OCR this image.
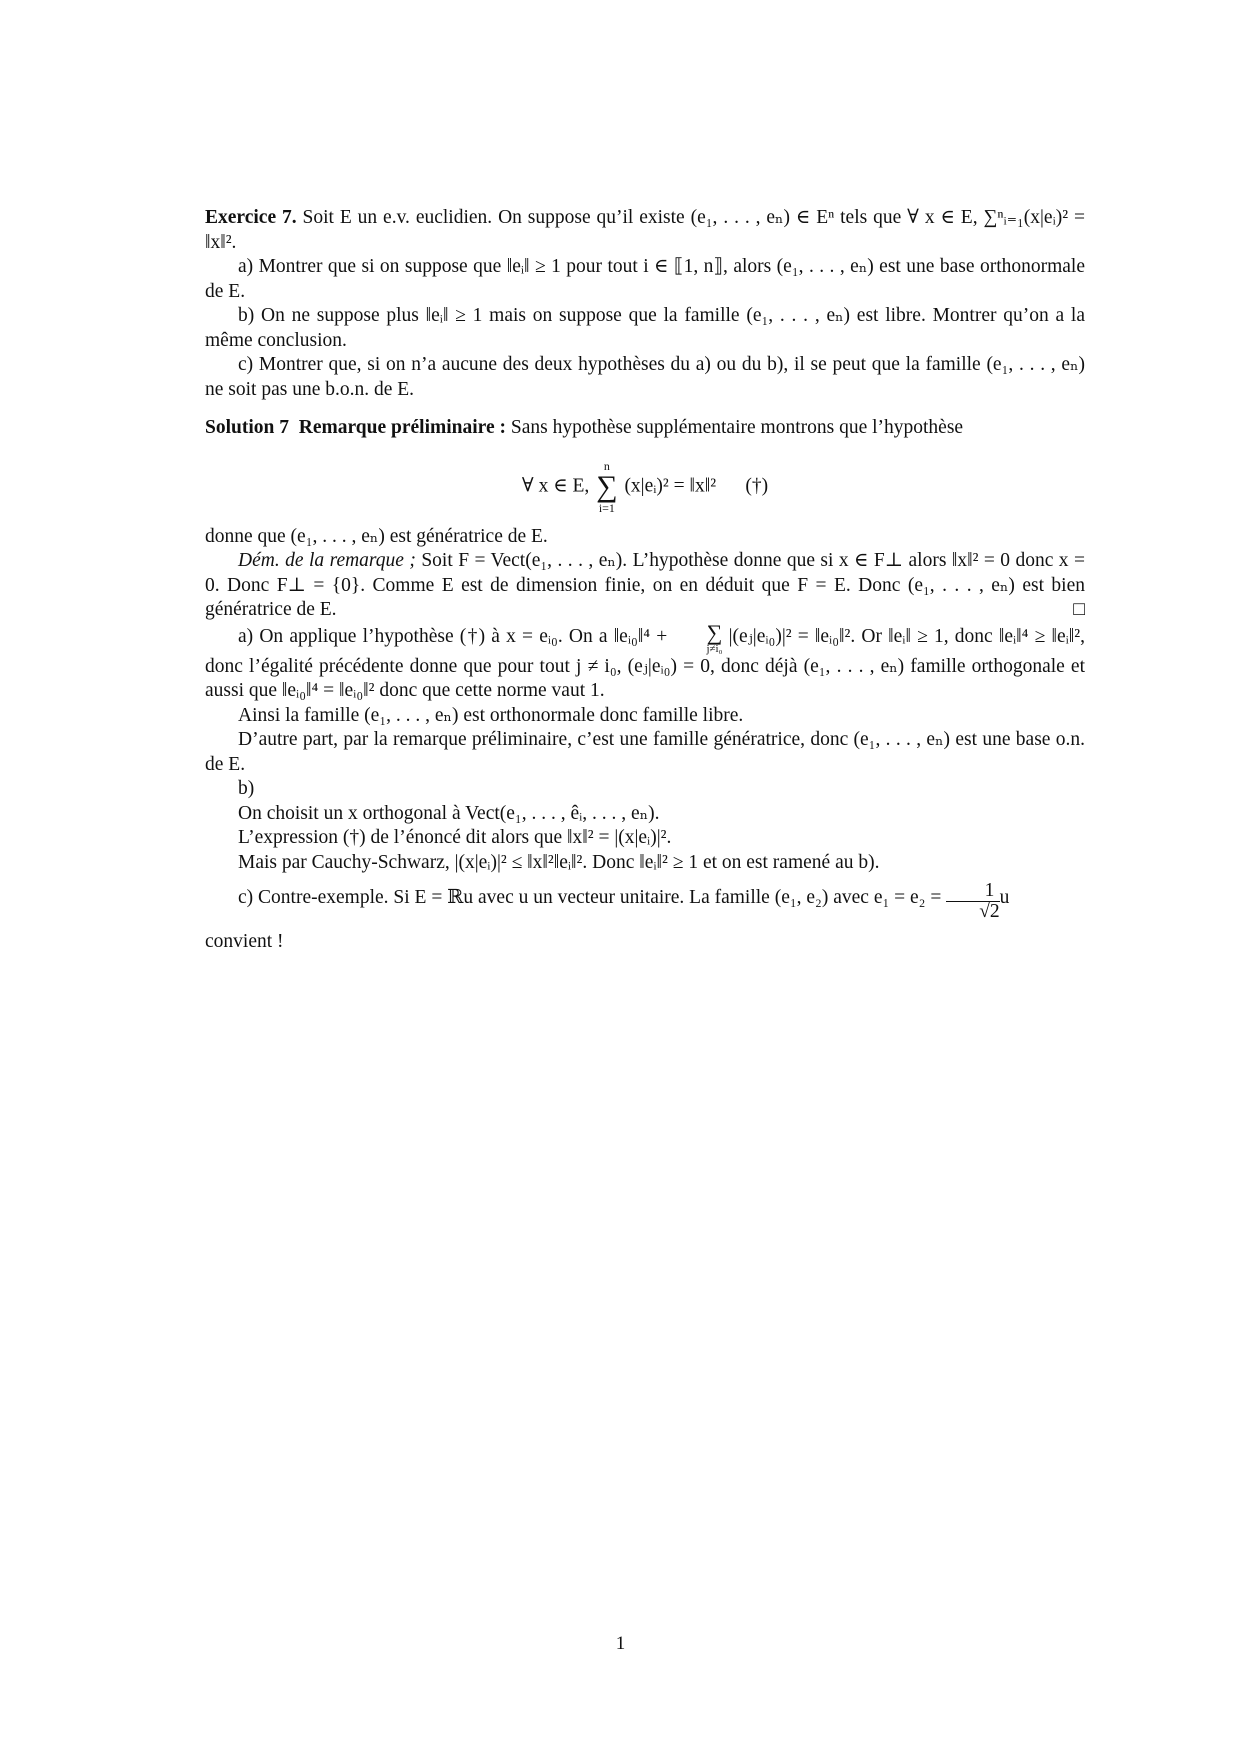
Exercice 7. Soit E un e.v. euclidien. On suppose qu’il existe (e₁, . . . , eₙ) ∈ Eⁿ tels que ∀ x ∈ E, ∑ⁿᵢ₌₁(x|eᵢ)² = ‖x‖².

a) Montrer que si on suppose que ‖eᵢ‖ ≥ 1 pour tout i ∈ ⟦1, n⟧, alors (e₁, . . . , eₙ) est une base orthonormale de E.

b) On ne suppose plus ‖eᵢ‖ ≥ 1 mais on suppose que la famille (e₁, . . . , eₙ) est libre. Montrer qu’on a la même conclusion.

c) Montrer que, si on n’a aucune des deux hypothèses du a) ou du b), il se peut que la famille (e₁, . . . , eₙ) ne soit pas une b.o.n. de E.

Solution 7 Remarque préliminaire : Sans hypothèse supplémentaire montrons que l’hypothèse

∀ x ∈ E,
n
∑
i=1
(x|eᵢ)² = ‖x‖² (†)

donne que (e₁, . . . , eₙ) est génératrice de E.

Dém. de la remarque ; Soit F = Vect(e₁, . . . , eₙ). L’hypothèse donne que si x ∈ F⊥ alors ‖x‖² = 0 donc x = 0. Donc F⊥ = {0}. Comme E est de dimension finie, on en déduit que F = E. Donc (e₁, . . . , eₙ) est bien génératrice de E.	□

a) On applique l’hypothèse (†) à x = eᵢ₀. On a ‖eᵢ₀‖⁴ +	∑
j≠i₀
|(eⱼ|eᵢ₀)|² = ‖eᵢ₀‖². Or ‖eᵢ‖ ≥ 1, donc ‖eᵢ‖⁴ ≥ ‖eᵢ‖², donc l’égalité précédente donne que pour tout j ≠ i₀, (eⱼ|eᵢ₀) = 0, donc déjà (e₁, . . . , eₙ) famille orthogonale et aussi que ‖eᵢ₀‖⁴ = ‖eᵢ₀‖² donc que cette norme vaut 1.

Ainsi la famille (e₁, . . . , eₙ) est orthonormale donc famille libre.

D’autre part, par la remarque préliminaire, c’est une famille génératrice, donc (e₁, . . . , eₙ) est une base o.n. de E.

b)

On choisit un x orthogonal à Vect(e₁, . . . , êᵢ, . . . , eₙ).

L’expression (†) de l’énoncé dit alors que ‖x‖² = |(x|eᵢ)|².

Mais par Cauchy-Schwarz, |(x|eᵢ)|² ≤ ‖x‖²‖eᵢ‖². Donc ‖eᵢ‖² ≥ 1 et on est ramené au b).

c) Contre-exemple. Si E = ℝu avec u un vecteur unitaire. La famille (e₁, e₂) avec $e_1 = e_2 = \frac{1}{√2}$ u

convient !

1
